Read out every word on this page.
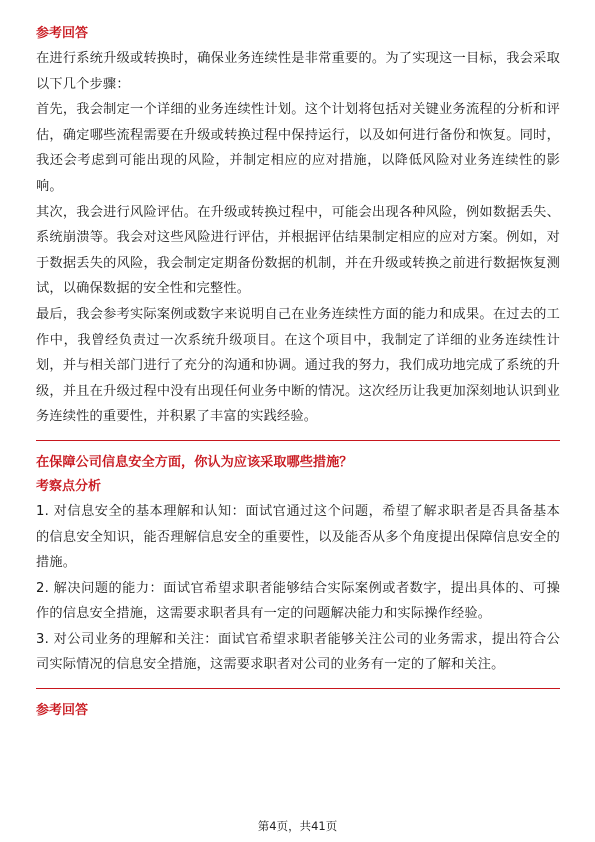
参考回答

在进行系统升级或转换时，确保业务连续性是非常重要的。为了实现这一目标，我会采取以下几个步骤：

首先，我会制定一个详细的业务连续性计划。这个计划将包括对关键业务流程的分析和评估，确定哪些流程需要在升级或转换过程中保持运行，以及如何进行备份和恢复。同时，我还会考虑到可能出现的风险，并制定相应的应对措施，以降低风险对业务连续性的影响。

其次，我会进行风险评估。在升级或转换过程中，可能会出现各种风险，例如数据丢失、系统崩溃等。我会对这些风险进行评估，并根据评估结果制定相应的应对方案。例如，对于数据丢失的风险，我会制定定期备份数据的机制，并在升级或转换之前进行数据恢复测试，以确保数据的安全性和完整性。

最后，我会参考实际案例或数字来说明自己在业务连续性方面的能力和成果。在过去的工作中，我曾经负责过一次系统升级项目。在这个项目中，我制定了详细的业务连续性计划，并与相关部门进行了充分的沟通和协调。通过我的努力，我们成功地完成了系统的升级，并且在升级过程中没有出现任何业务中断的情况。这次经历让我更加深刻地认识到业务连续性的重要性，并积累了丰富的实践经验。

在保障公司信息安全方面，你认为应该采取哪些措施？
考察点分析

1. 对信息安全的基本理解和认知：面试官通过这个问题，希望了解求职者是否具备基本的信息安全知识，能否理解信息安全的重要性，以及能否从多个角度提出保障信息安全的措施。

2. 解决问题的能力：面试官希望求职者能够结合实际案例或者数字，提出具体的、可操作的信息安全措施，这需要求职者具有一定的问题解决能力和实际操作经验。

3. 对公司业务的理解和关注：面试官希望求职者能够关注公司的业务需求，提出符合公司实际情况的信息安全措施，这需要求职者对公司的业务有一定的了解和关注。

参考回答
第4页，共41页
